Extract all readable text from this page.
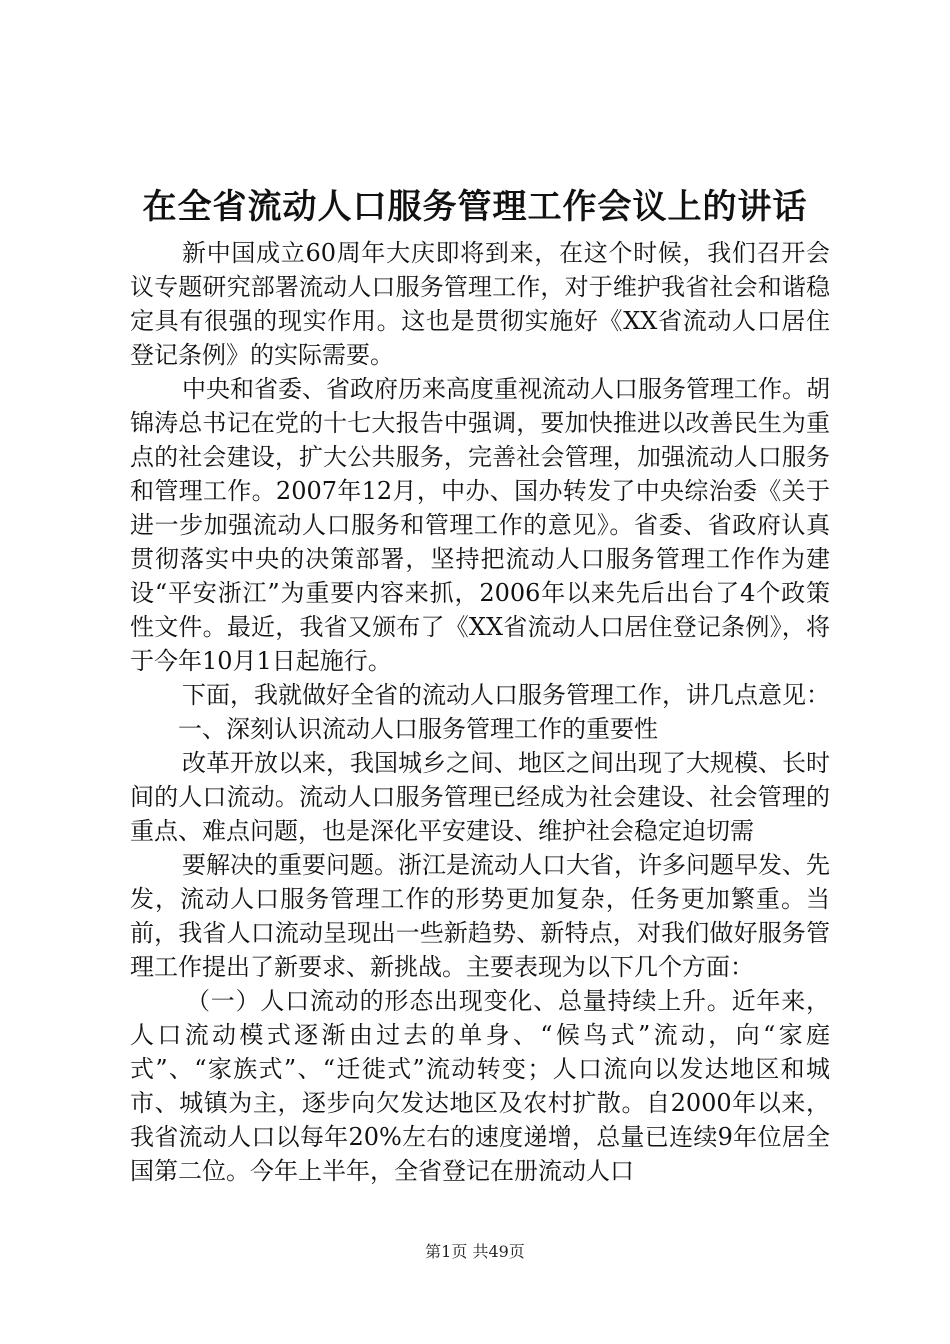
在全省流动人口服务管理工作会议上的讲话

新中国成立60周年大庆即将到来，在这个时候，我们召开会议专题研究部署流动人口服务管理工作，对于维护我省社会和谐稳定具有很强的现实作用。这也是贯彻实施好《XX省流动人口居住登记条例》的实际需要。

中央和省委、省政府历来高度重视流动人口服务管理工作。胡锦涛总书记在党的十七大报告中强调，要加快推进以改善民生为重点的社会建设，扩大公共服务，完善社会管理，加强流动人口服务和管理工作。2007年12月，中办、国办转发了中央综治委《关于进一步加强流动人口服务和管理工作的意见》。省委、省政府认真贯彻落实中央的决策部署，坚持把流动人口服务管理工作作为建设“平安浙江”为重要内容来抓，2006年以来先后出台了4个政策性文件。最近，我省又颁布了《XX省流动人口居住登记条例》，将于今年10月1日起施行。

下面，我就做好全省的流动人口服务管理工作，讲几点意见：

一、深刻认识流动人口服务管理工作的重要性

改革开放以来，我国城乡之间、地区之间出现了大规模、长时间的人口流动。流动人口服务管理已经成为社会建设、社会管理的重点、难点问题，也是深化平安建设、维护社会稳定迫切需

要解决的重要问题。浙江是流动人口大省，许多问题早发、先发，流动人口服务管理工作的形势更加复杂，任务更加繁重。当前，我省人口流动呈现出一些新趋势、新特点，对我们做好服务管理工作提出了新要求、新挑战。主要表现为以下几个方面：

（一）人口流动的形态出现变化、总量持续上升。近年来，人口流动模式逐渐由过去的单身、“候鸟式”流动，向“家庭式”、“家族式”、“迁徙式”流动转变；人口流向以发达地区和城市、城镇为主，逐步向欠发达地区及农村扩散。自2000年以来，我省流动人口以每年20%左右的速度递增，总量已连续9年位居全国第二位。今年上半年，全省登记在册流动人口

第1页 共49页
